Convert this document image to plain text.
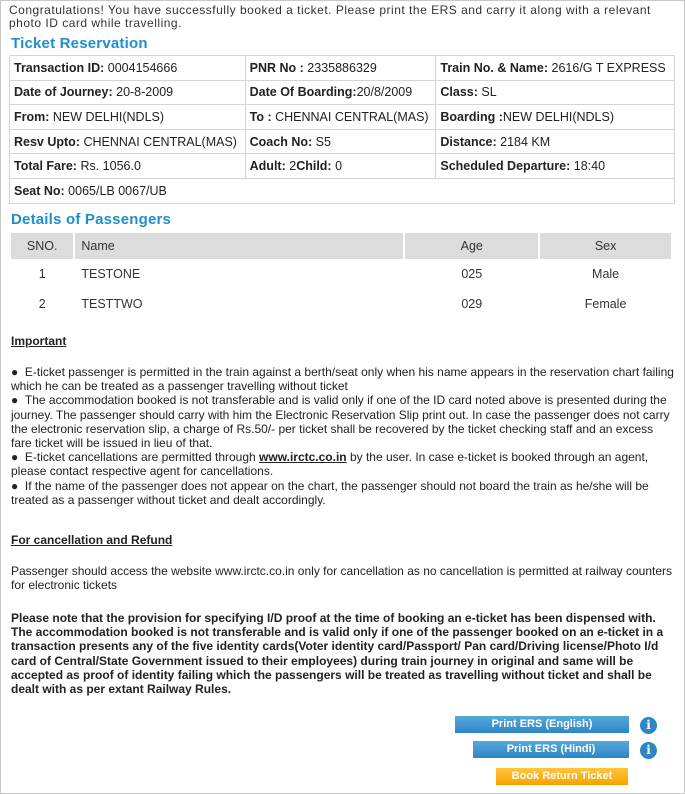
Congratulations! You have successfully booked a ticket. Please print the ERS and carry it along with a relevant photo ID card while travelling.
Ticket Reservation
Transaction ID: 0004154666	PNR No : 2335886329	Train No. & Name: 2616/G T EXPRESS
Date of Journey: 20-8-2009	Date Of Boarding:20/8/2009	Class: SL
From: NEW DELHI(NDLS)	To : CHENNAI CENTRAL(MAS)	Boarding :NEW DELHI(NDLS)
Resv Upto: CHENNAI CENTRAL(MAS)	Coach No: S5	Distance: 2184 KM
Total Fare: Rs. 1056.0	Adult: 2Child: 0	Scheduled Departure: 18:40
Seat No: 0065/LB 0067/UB		
Details of Passengers
SNO.	Name	Age	Sex
1	TESTONE	025	Male
2	TESTTWO	029	Female
Important

●  E-ticket passenger is permitted in the train against a berth/seat only when his name appears in the reservation chart failing which he can be treated as a passenger travelling without ticket

●  The accommodation booked is not transferable and is valid only if one of the ID card noted above is presented during the journey. The passenger should carry with him the Electronic Reservation Slip print out. In case the passenger does not carry the electronic reservation slip, a charge of Rs.50/- per ticket shall be recovered by the ticket checking staff and an excess fare ticket will be issued in lieu of that.

●  E-ticket cancellations are permitted through www.irctc.co.in by the user. In case e-ticket is booked through an agent, please contact respective agent for cancellations.

●  If the name of the passenger does not appear on the chart, the passenger should not board the train as he/she will be treated as a passenger without ticket and dealt accordingly.

For cancellation and Refund
Passenger should access the website www.irctc.co.in only for cancellation as no cancellation is permitted at railway counters for electronic tickets
Please note that the provision for specifying I/D proof at the time of booking an e-ticket has been dispensed with. The accommodation booked is not transferable and is valid only if one of the passenger booked on an e-ticket in a transaction presents any of the five identity cards(Voter identity card/Passport/ Pan card/Driving license/Photo I/d card of Central/State Government issued to their employees) during train journey in original and same will be accepted as proof of identity failing which the passengers will be treated as travelling without ticket and shall be dealt with as per extant Railway Rules.
Print ERS (English)	i
Print ERS (Hindi)	i
Book Return Ticket
